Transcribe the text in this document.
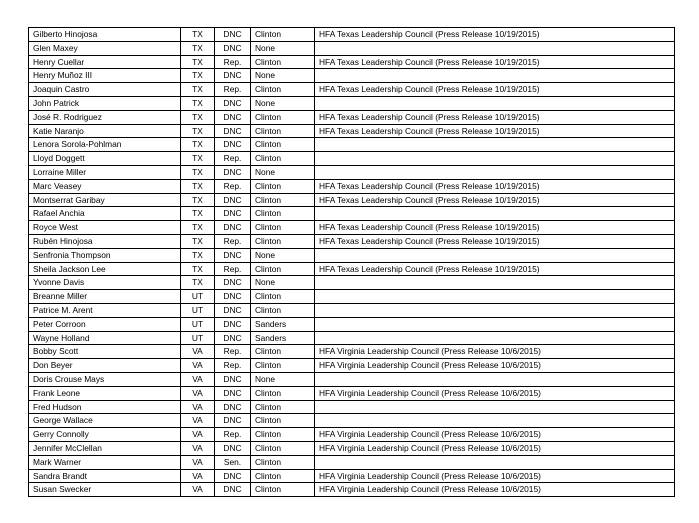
Gilberto Hinojosa	TX	DNC	Clinton	HFA Texas Leadership Council (Press Release 10/19/2015)
Glen Maxey	TX	DNC	None	
Henry Cuellar	TX	Rep.	Clinton	HFA Texas Leadership Council (Press Release 10/19/2015)
Henry Muñoz III	TX	DNC	None	
Joaquin Castro	TX	Rep.	Clinton	HFA Texas Leadership Council (Press Release 10/19/2015)
John Patrick	TX	DNC	None	
José R. Rodriguez	TX	DNC	Clinton	HFA Texas Leadership Council (Press Release 10/19/2015)
Katie Naranjo	TX	DNC	Clinton	HFA Texas Leadership Council (Press Release 10/19/2015)
Lenora Sorola-Pohlman	TX	DNC	Clinton	
Lloyd Doggett	TX	Rep.	Clinton	
Lorraine Miller	TX	DNC	None	
Marc Veasey	TX	Rep.	Clinton	HFA Texas Leadership Council (Press Release 10/19/2015)
Montserrat Garibay	TX	DNC	Clinton	HFA Texas Leadership Council (Press Release 10/19/2015)
Rafael Anchia	TX	DNC	Clinton	
Royce West	TX	DNC	Clinton	HFA Texas Leadership Council (Press Release 10/19/2015)
Rubén Hinojosa	TX	Rep.	Clinton	HFA Texas Leadership Council (Press Release 10/19/2015)
Senfronia Thompson	TX	DNC	None	
Sheila Jackson Lee	TX	Rep.	Clinton	HFA Texas Leadership Council (Press Release 10/19/2015)
Yvonne Davis	TX	DNC	None	
Breanne Miller	UT	DNC	Clinton	
Patrice M. Arent	UT	DNC	Clinton	
Peter Corroon	UT	DNC	Sanders	
Wayne Holland	UT	DNC	Sanders	
Bobby Scott	VA	Rep.	Clinton	HFA Virginia Leadership Council (Press Release 10/6/2015)
Don Beyer	VA	Rep.	Clinton	HFA Virginia Leadership Council (Press Release 10/6/2015)
Doris Crouse Mays	VA	DNC	None	
Frank Leone	VA	DNC	Clinton	HFA Virginia Leadership Council (Press Release 10/6/2015)
Fred Hudson	VA	DNC	Clinton	
George Wallace	VA	DNC	Clinton	
Gerry Connolly	VA	Rep.	Clinton	HFA Virginia Leadership Council (Press Release 10/6/2015)
Jennifer McClellan	VA	DNC	Clinton	HFA Virginia Leadership Council (Press Release 10/6/2015)
Mark Warner	VA	Sen.	Clinton	
Sandra Brandt	VA	DNC	Clinton	HFA Virginia Leadership Council (Press Release 10/6/2015)
Susan Swecker	VA	DNC	Clinton	HFA Virginia Leadership Council (Press Release 10/6/2015)
